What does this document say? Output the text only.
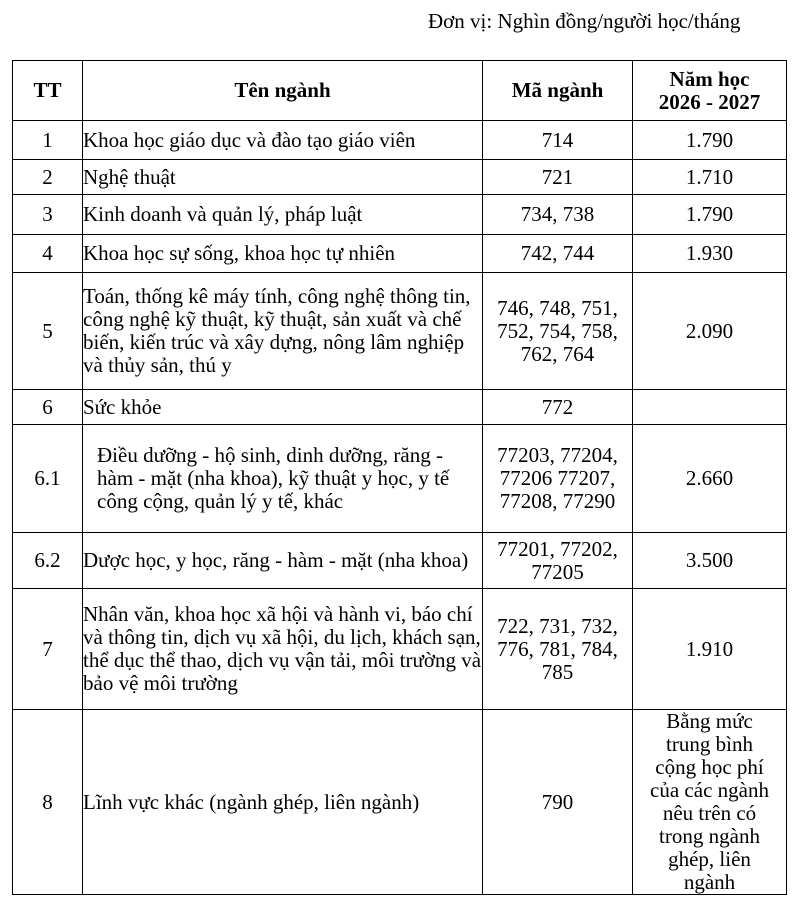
Đơn vị: Nghìn đồng/người học/tháng
TT	Tên ngành	Mã ngành	Năm học 2026 - 2027

1	Khoa học giáo dục và đào tạo giáo viên	714	1.790
2	Nghệ thuật	721	1.710
3	Kinh doanh và quản lý, pháp luật	734, 738	1.790
4	Khoa học sự sống, khoa học tự nhiên	742, 744	1.930
5	Toán, thống kê máy tính, công nghệ thông tin, công nghệ kỹ thuật, kỹ thuật, sản xuất và chế biến, kiến trúc và xây dựng, nông lâm nghiệp và thủy sản, thú y	746, 748, 751, 752, 754, 758, 762, 764	2.090
6	Sức khỏe	772	
6.1	Điều dưỡng - hộ sinh, dinh dưỡng, răng - hàm - mặt (nha khoa), kỹ thuật y học, y tế công cộng, quản lý y tế, khác	77203, 77204, 77206 77207, 77208, 77290	2.660
6.2	Dược học, y học, răng - hàm - mặt (nha khoa)	77201, 77202, 77205	3.500
7	Nhân văn, khoa học xã hội và hành vi, báo chí và thông tin, dịch vụ xã hội, du lịch, khách sạn, thể dục thể thao, dịch vụ vận tải, môi trường và bảo vệ môi trường	722, 731, 732, 776, 781, 784, 785	1.910
8	Lĩnh vực khác (ngành ghép, liên ngành)	790	Bằng mức trung bình cộng học phí của các ngành nêu trên có trong ngành ghép, liên ngành
